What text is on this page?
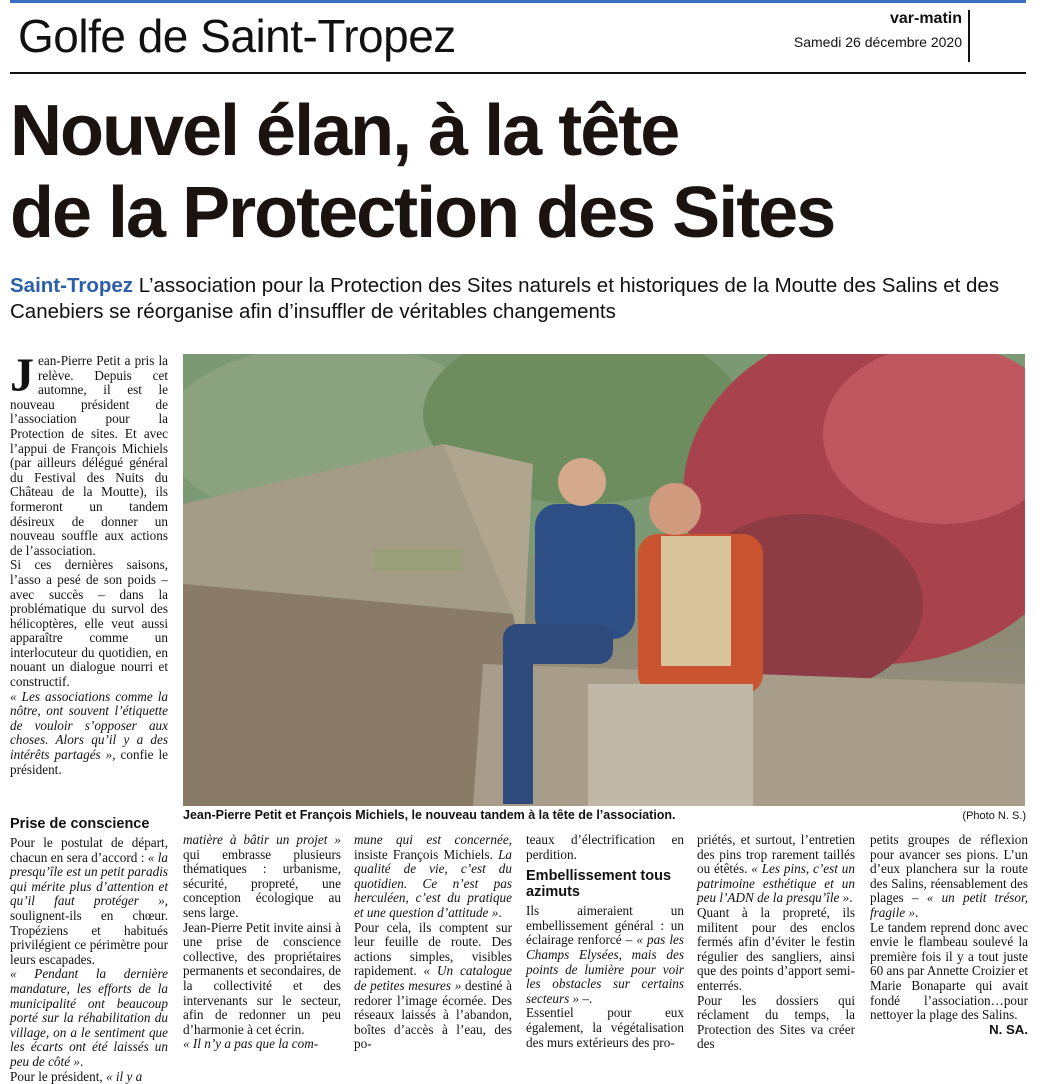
Golfe de Saint-Tropez	var-matin
Samedi 26 décembre 2020
Nouvel élan, à la tête
de la Protection des Sites
Saint-Tropez L’association pour la Protection des Sites naturels et historiques de la Moutte des Salins et des Canebiers se réorganise afin d’insuffler de véritables changements

Jean-Pierre Petit a pris la relève. Depuis cet automne, il est le nouveau président de l’association pour la Protection de sites. Et avec l’appui de François Michiels (par ailleurs délégué général du Festival des Nuits du Château de la Moutte), ils formeront un tandem désireux de donner un nouveau souffle aux actions de l’association.

Si ces dernières saisons, l’asso a pesé de son poids – avec succès – dans la problématique du survol des hélicoptères, elle veut aussi apparaître comme un interlocuteur du quotidien, en nouant un dialogue nourri et constructif.

« Les associations comme la nôtre, ont souvent l’étiquette de vouloir s’opposer aux choses. Alors qu’il y a des intérêts partagés », confie le président.

Jean-Pierre Petit et François Michiels, le nouveau tandem à la tête de l’association.	(Photo N. S.)
Prise de conscience

Pour le postulat de départ, chacun en sera d’accord : « la presqu’île est un petit paradis qui mérite plus d’attention et qu’il faut protéger », soulignent-ils en chœur. Tropéziens et habitués privilégient ce périmètre pour leurs escapades.

« Pendant la dernière mandature, les efforts de la municipalité ont beaucoup porté sur la réhabilitation du village, on a le sentiment que les écarts ont été laissés un peu de côté ».

Pour le président, « il y a

matière à bâtir un projet » qui embrasse plusieurs thématiques : urbanisme, sécurité, propreté, une conception écologique au sens large.

Jean-Pierre Petit invite ainsi à une prise de conscience collective, des propriétaires permanents et secondaires, de la collectivité et des intervenants sur le secteur, afin de redonner un peu d’harmonie à cet écrin.

« Il n’y a pas que la com-

mune qui est concernée, insiste François Michiels. La qualité de vie, c’est du quotidien. Ce n’est pas herculéen, c’est du pratique et une question d’attitude ».

Pour cela, ils comptent sur leur feuille de route. Des actions simples, visibles rapidement. « Un catalogue de petites mesures » destiné à redorer l’image écornée. Des réseaux laissés à l’abandon, boîtes d’accès à l’eau, des po-

teaux d’électrification en perdition.

Embellissement tous azimuts

Ils aimeraient un embellissement général : un éclairage renforcé – « pas les Champs Elysées, mais des points de lumière pour voir les obstacles sur certains secteurs » –.

Essentiel pour eux également, la végétalisation des murs extérieurs des pro-

priétés, et surtout, l’entretien des pins trop rarement taillés ou étêtés. « Les pins, c’est un patrimoine esthétique et un peu l’ADN de la presqu’île ».

Quant à la propreté, ils militent pour des enclos fermés afin d’éviter le festin régulier des sangliers, ainsi que des points d’apport semi-enterrés.

Pour les dossiers qui réclament du temps, la Protection des Sites va créer des

petits groupes de réflexion pour avancer ses pions. L’un d’eux planchera sur la route des Salins, réensablement des plages – « un petit trésor, fragile ».

Le tandem reprend donc avec envie le flambeau soulevé la première fois il y a tout juste 60 ans par Annette Croizier et Marie Bonaparte qui avait fondé l’association…pour nettoyer la plage des Salins.

N. SA.
